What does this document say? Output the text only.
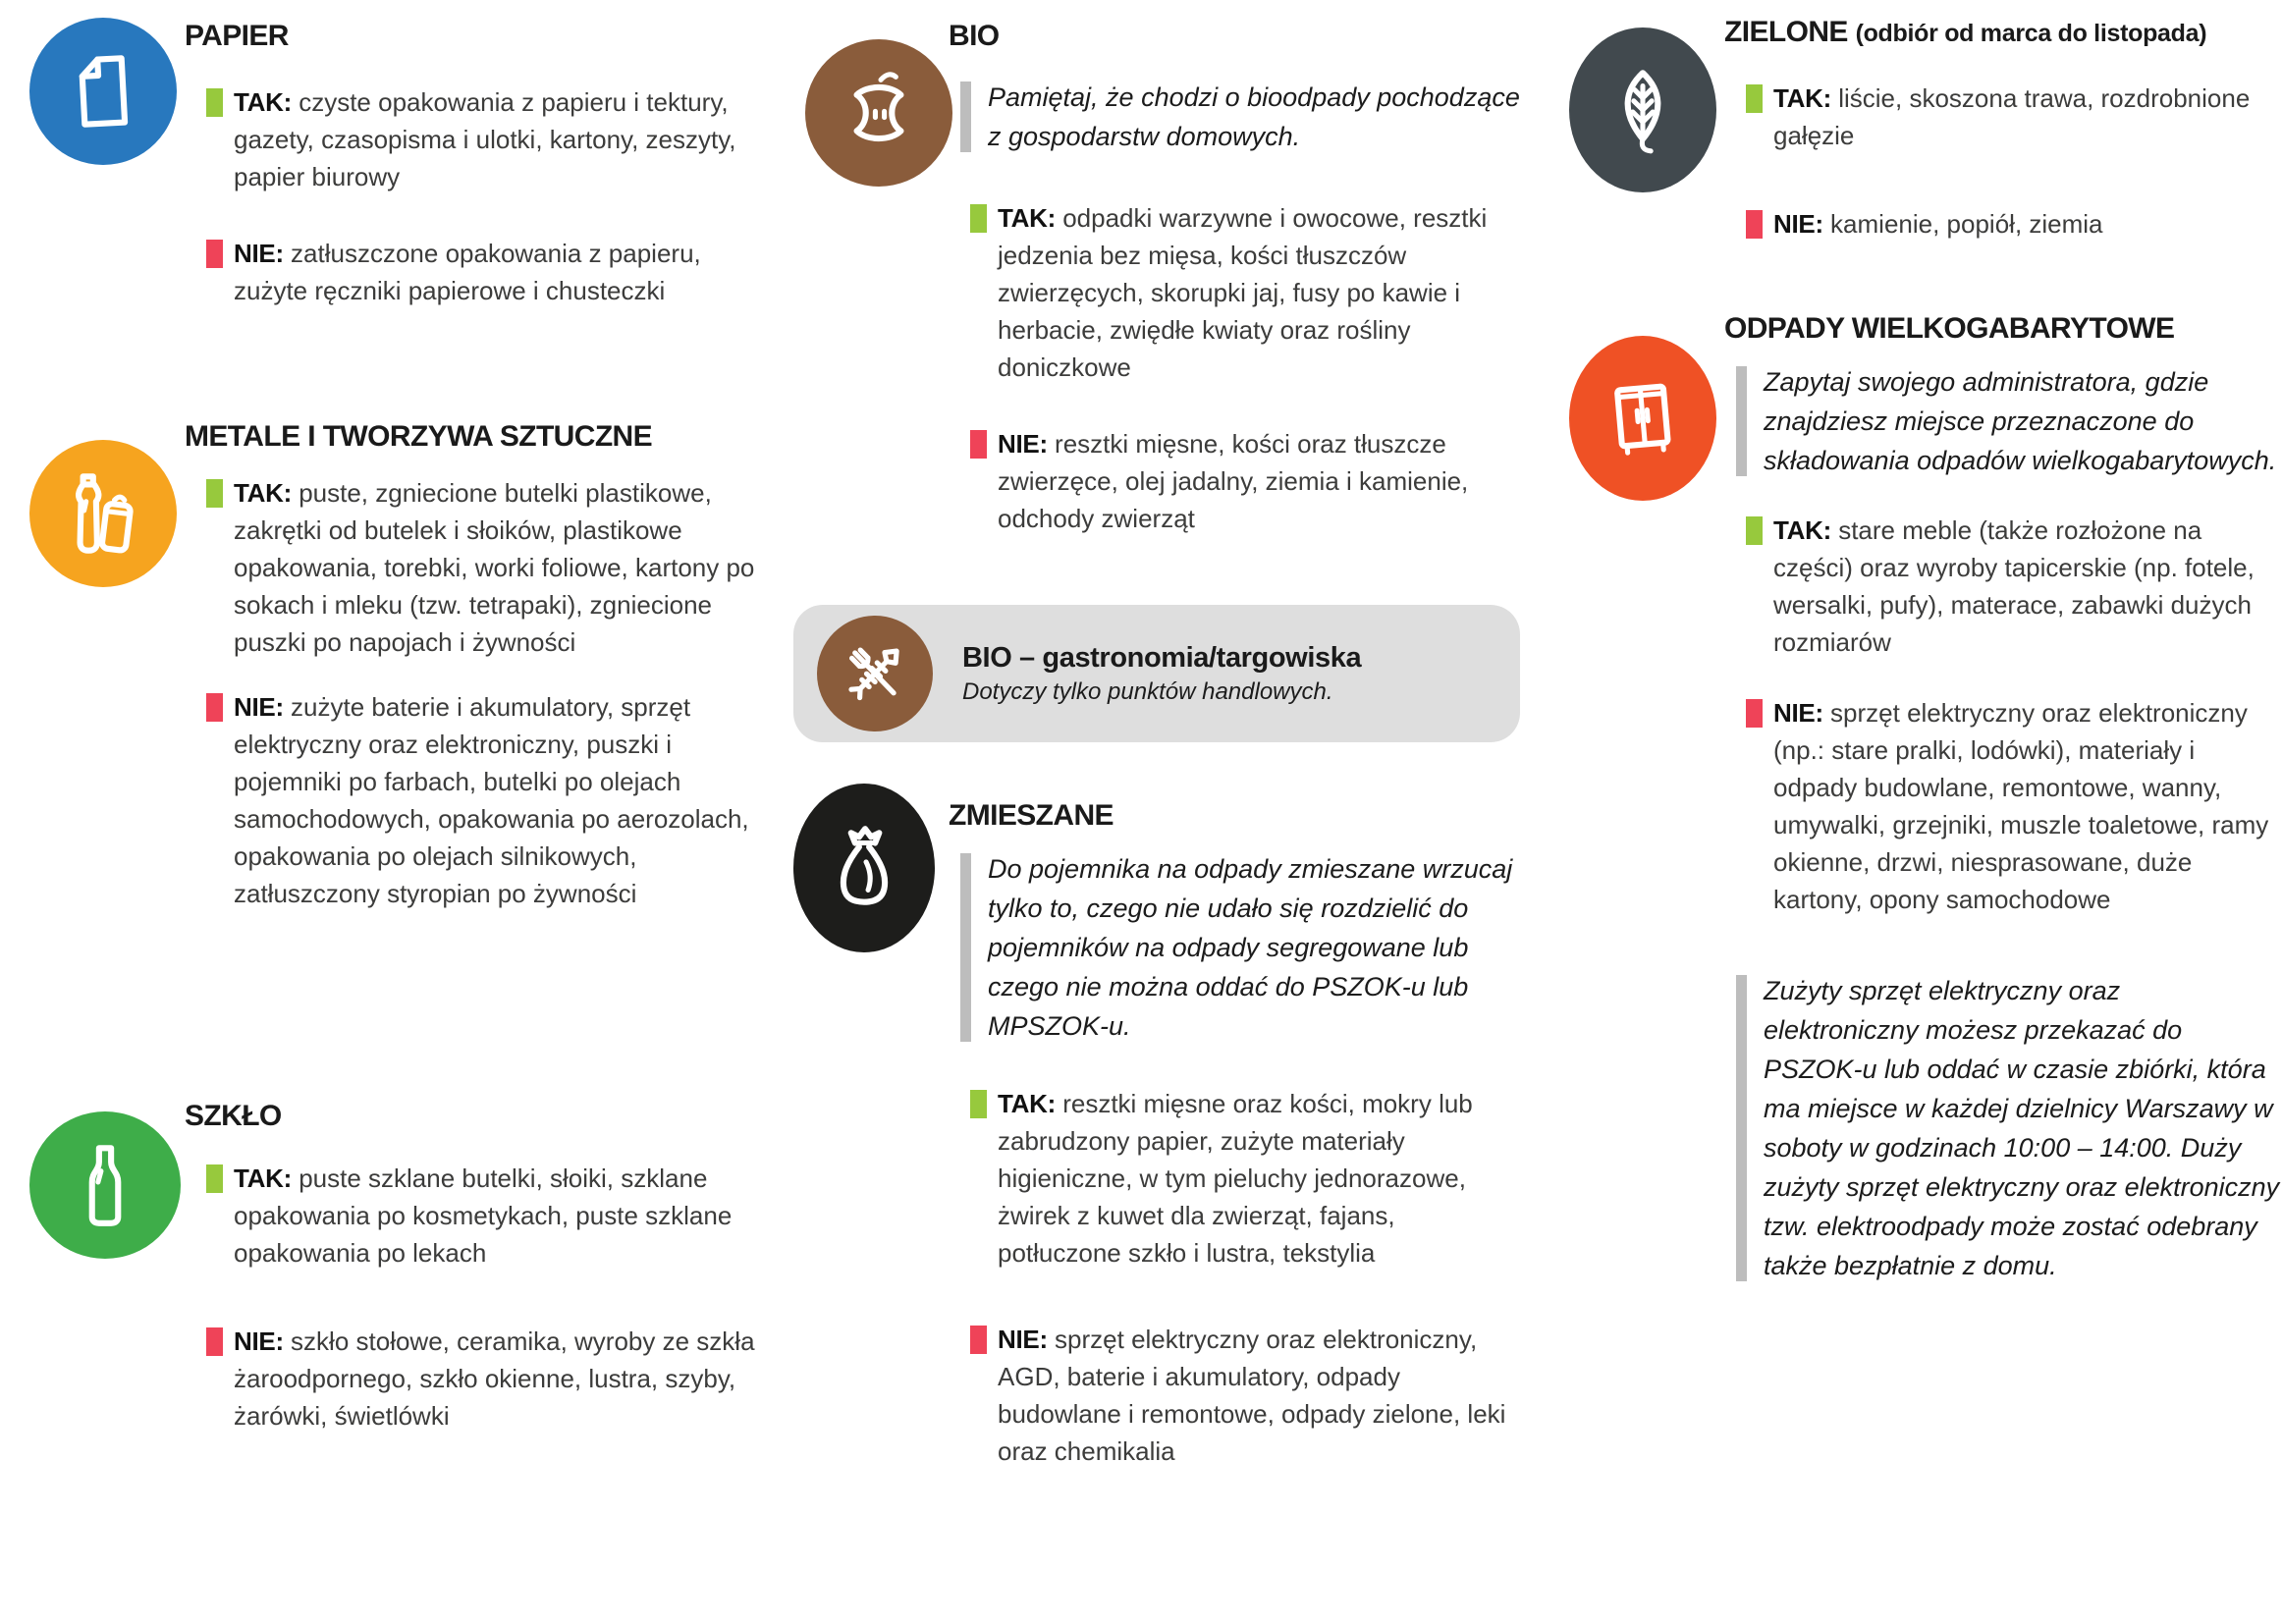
PAPIER

TAK: czyste opakowania z papieru i tektury, gazety, czasopisma i ulotki, kartony, zeszyty, papier biurowy

NIE: zatłuszczone opakowania z papieru, zużyte ręczniki papierowe i chusteczki

METALE I TWORZYWA SZTUCZNE

TAK: puste, zgniecione butelki plastikowe, zakrętki od butelek i słoików, plastikowe opakowania, torebki, worki foliowe, kartony po sokach i mleku (tzw. tetrapaki), zgniecione puszki po napojach i żywności

NIE: zużyte baterie i akumulatory, sprzęt elektryczny oraz elektroniczny, puszki i pojemniki po farbach, butelki po olejach samochodowych, opakowania po aerozolach, opakowania po olejach silnikowych, zatłuszczony styropian po żywności

SZKŁO

TAK: puste szklane butelki, słoiki, szklane opakowania po kosmetykach, puste szklane opakowania po lekach

NIE: szkło stołowe, ceramika, wyroby ze szkła żaroodpornego, szkło okienne, lustra, szyby, żarówki, świetlówki

BIO

Pamiętaj, że chodzi o bioodpady pochodzące z gospodarstw domowych.

TAK: odpadki warzywne i owocowe, resztki jedzenia bez mięsa, kości tłuszczów zwierzęcych, skorupki jaj, fusy po kawie i herbacie, zwiędłe kwiaty oraz rośliny doniczkowe

NIE: resztki mięsne, kości oraz tłuszcze zwierzęce, olej jadalny, ziemia i kamienie, odchody zwierząt

BIO – gastronomia/targowiska

Dotyczy tylko punktów handlowych.

ZMIESZANE

Do pojemnika na odpady zmieszane wrzucaj tylko to, czego nie udało się rozdzielić do pojemników na odpady segregowane lub czego nie można oddać do PSZOK-u lub MPSZOK-u.

TAK: resztki mięsne oraz kości, mokry lub zabrudzony papier, zużyte materiały higieniczne, w tym pieluchy jednorazowe, żwirek z kuwet dla zwierząt, fajans, potłuczone szkło i lustra, tekstylia

NIE: sprzęt elektryczny oraz elektroniczny, AGD, baterie i akumulatory, odpady budowlane i remontowe, odpady zielone, leki oraz chemikalia

ZIELONE (odbiór od marca do listopada)

TAK: liście, skoszona trawa, rozdrobnione gałęzie

NIE: kamienie, popiół, ziemia

ODPADY WIELKOGABARYTOWE

Zapytaj swojego administratora, gdzie znajdziesz miejsce przeznaczone do składowania odpadów wielkogabarytowych.

TAK: stare meble (także rozłożone na części) oraz wyroby tapicerskie (np. fotele, wersalki, pufy), materace, zabawki dużych rozmiarów

NIE: sprzęt elektryczny oraz elektroniczny (np.: stare pralki, lodówki), materiały i odpady budowlane, remontowe, wanny, umywalki, grzejniki, muszle toaletowe, ramy okienne, drzwi, niesprasowane, duże kartony, opony samochodowe

Zużyty sprzęt elektryczny oraz elektroniczny możesz przekazać do PSZOK-u lub oddać w czasie zbiórki, która ma miejsce w każdej dzielnicy Warszawy w soboty w godzinach 10:00 – 14:00. Duży zużyty sprzęt elektryczny oraz elektroniczny tzw. elektroodpady może zostać odebrany także bezpłatnie z domu.
